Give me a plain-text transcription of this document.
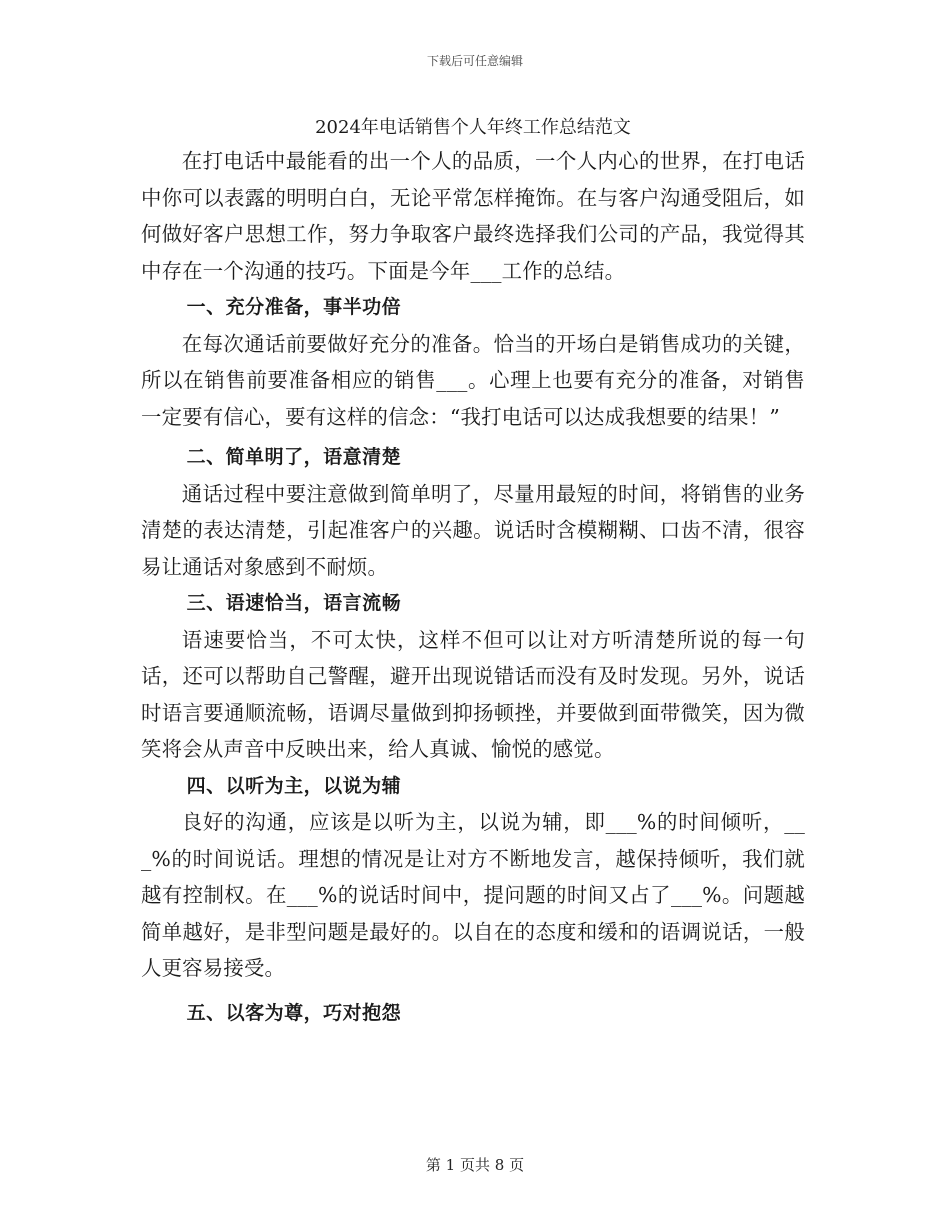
下载后可任意编辑
2024年电话销售个人年终工作总结范文

在打电话中最能看的出一个人的品质，一个人内心的世界，在打电话中你可以表露的明明白白，无论平常怎样掩饰。在与客户沟通受阻后，如何做好客户思想工作，努力争取客户最终选择我们公司的产品，我觉得其中存在一个沟通的技巧。下面是今年___工作的总结。

一、充分准备，事半功倍

在每次通话前要做好充分的准备。恰当的开场白是销售成功的关键，所以在销售前要准备相应的销售___。心理上也要有充分的准备，对销售一定要有信心，要有这样的信念：“我打电话可以达成我想要的结果！”

二、简单明了，语意清楚

通话过程中要注意做到简单明了，尽量用最短的时间，将销售的业务清楚的表达清楚，引起准客户的兴趣。说话时含模糊糊、口齿不清，很容易让通话对象感到不耐烦。

三、语速恰当，语言流畅

语速要恰当，不可太快，这样不但可以让对方听清楚所说的每一句话，还可以帮助自己警醒，避开出现说错话而没有及时发现。另外，说话时语言要通顺流畅，语调尽量做到抑扬顿挫，并要做到面带微笑，因为微笑将会从声音中反映出来，给人真诚、愉悦的感觉。

四、以听为主，以说为辅

良好的沟通，应该是以听为主，以说为辅，即___%的时间倾听，___%的时间说话。理想的情况是让对方不断地发言，越保持倾听，我们就越有控制权。在___%的说话时间中，提问题的时间又占了___%。问题越简单越好，是非型问题是最好的。以自在的态度和缓和的语调说话，一般人更容易接受。

五、以客为尊，巧对抱怨

第 1 页共 8 页
